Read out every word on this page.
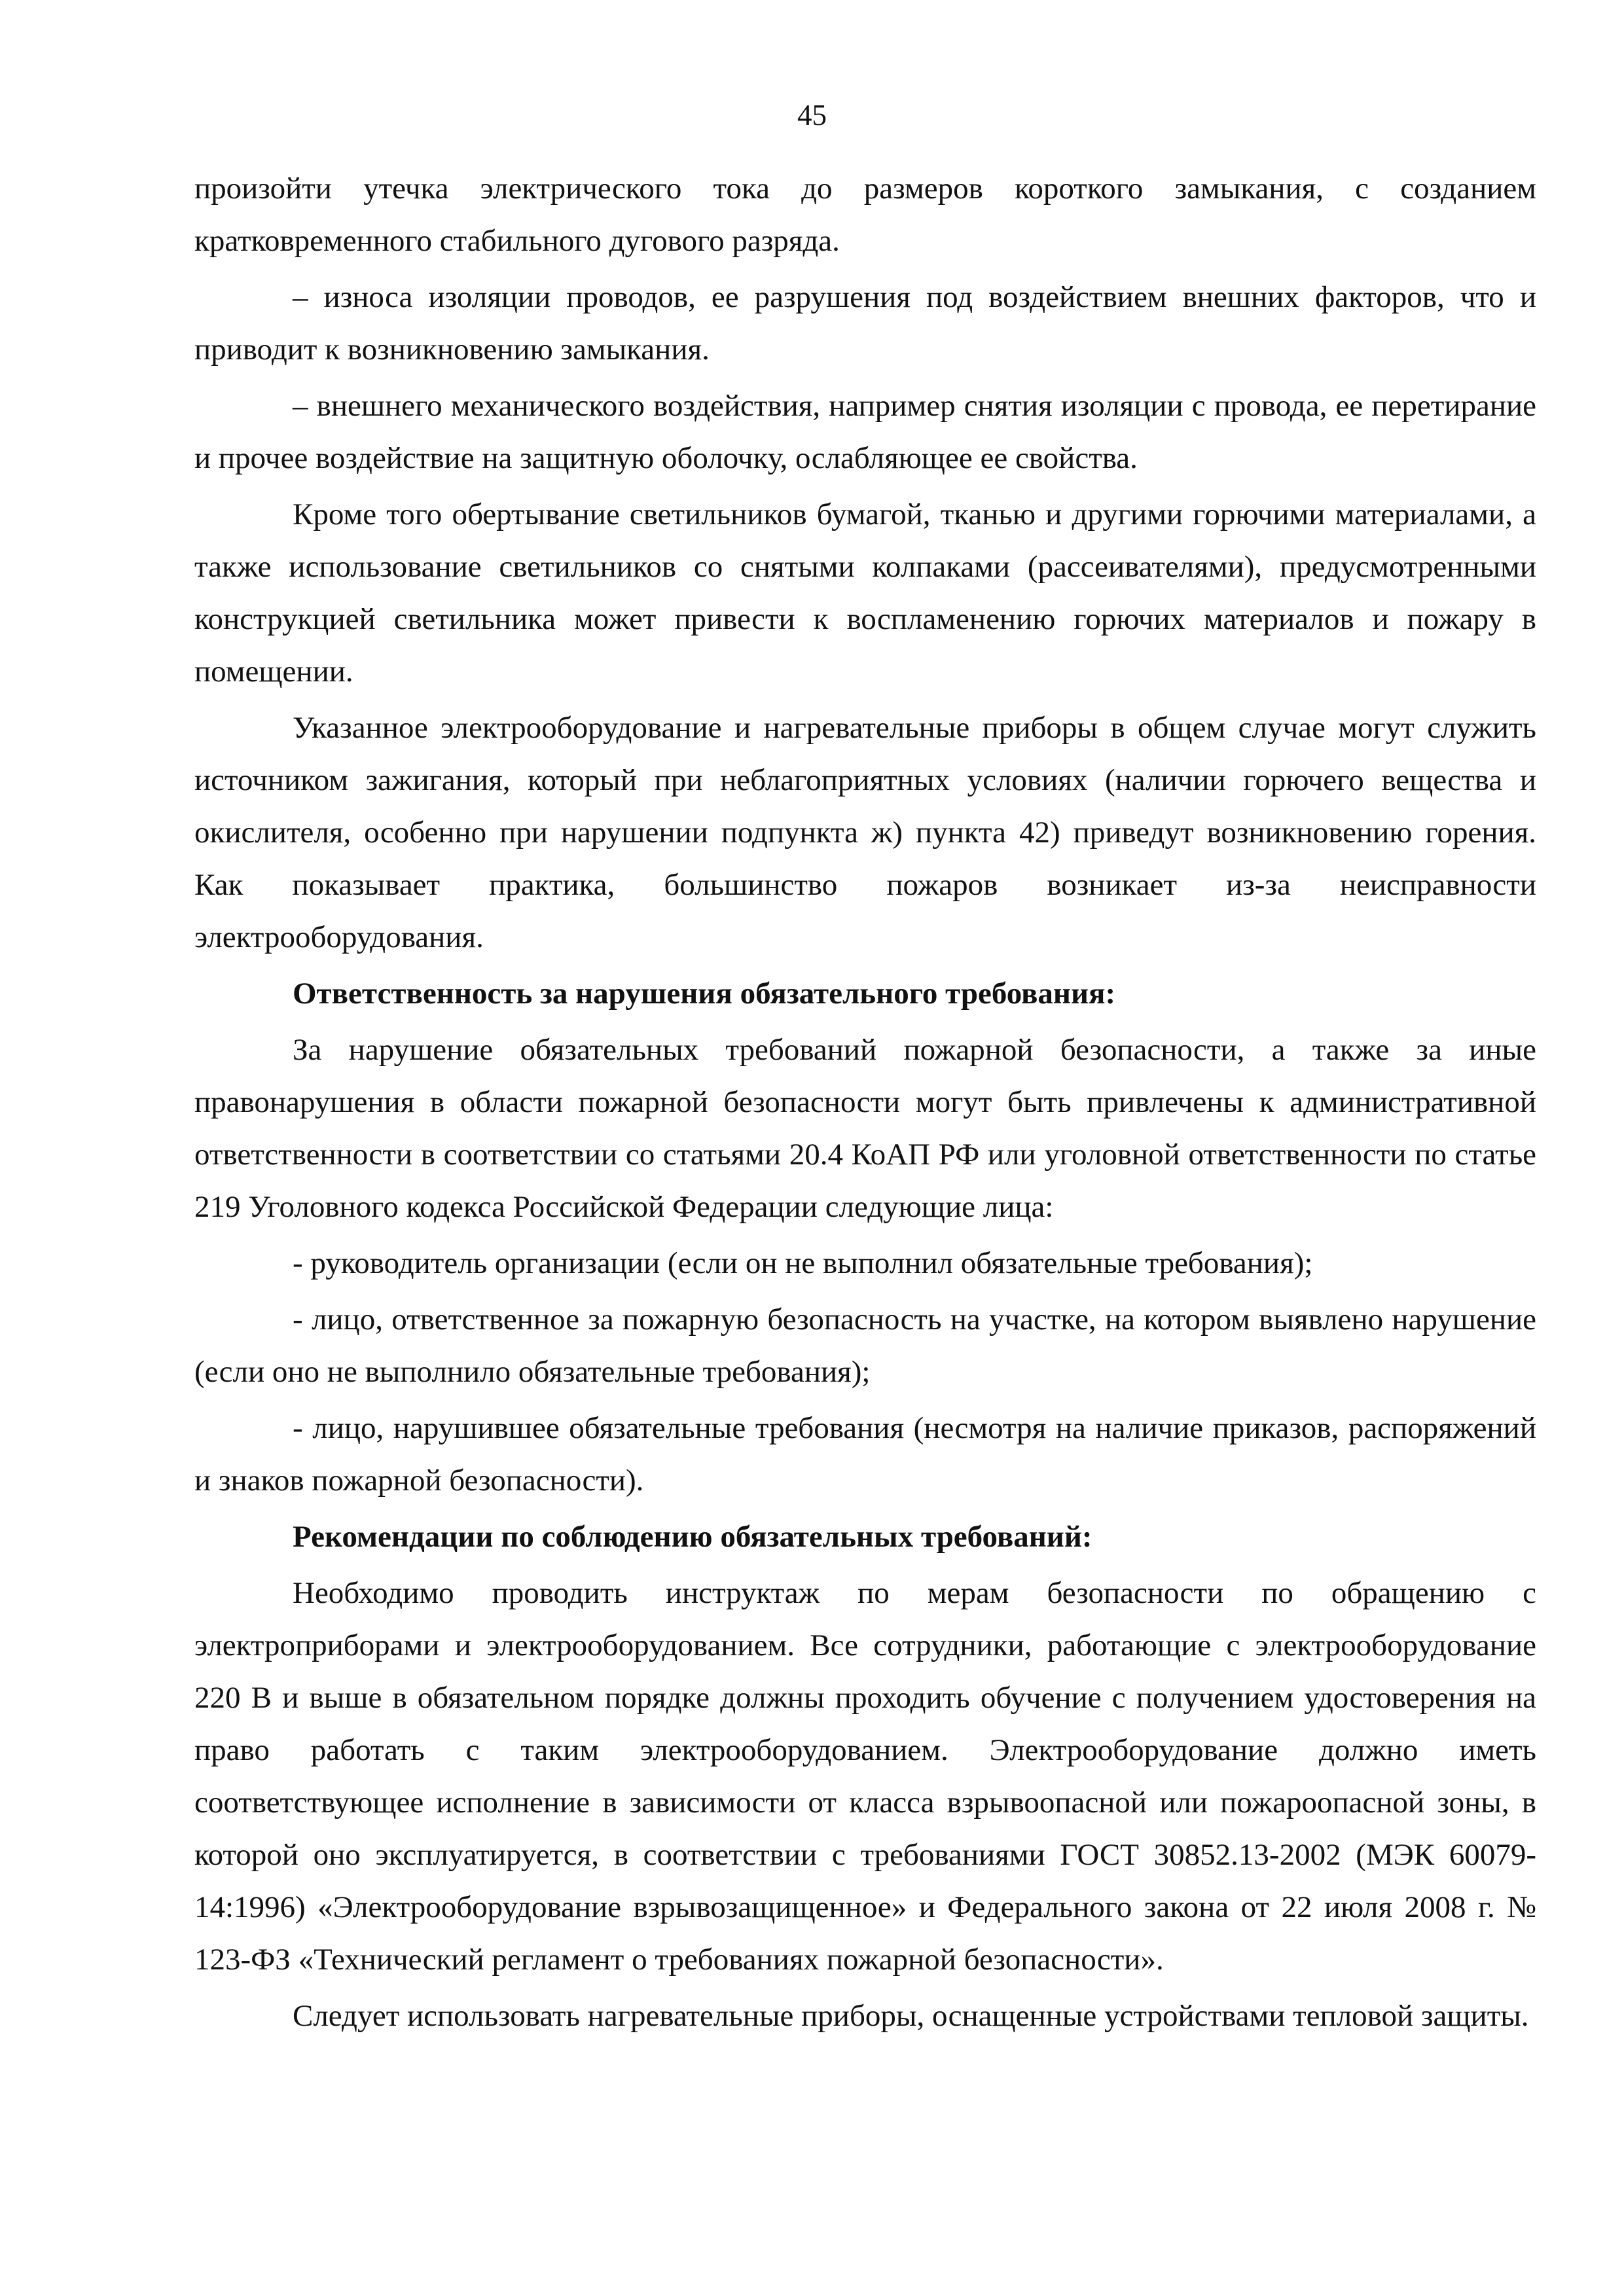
45

произойти утечка электрического тока до размеров короткого замыкания, с созданием кратковременного стабильного дугового разряда.

– износа изоляции проводов, ее разрушения под воздействием внешних факторов, что и приводит к возникновению замыкания.

– внешнего механического воздействия, например снятия изоляции с провода, ее перетирание и прочее воздействие на защитную оболочку, ослабляющее ее свойства.

Кроме того обертывание светильников бумагой, тканью и другими горючими материалами, а также использование светильников со снятыми колпаками (рассеивателями), предусмотренными конструкцией светильника может привести к воспламенению горючих материалов и пожару в помещении.

Указанное электрооборудование и нагревательные приборы в общем случае могут служить источником зажигания, который при неблагоприятных условиях (наличии горючего вещества и окислителя, особенно при нарушении подпункта ж) пункта 42) приведут возникновению горения. Как показывает практика, большинство пожаров возникает из-за неисправности электрооборудования.

Ответственность за нарушения обязательного требования:

За нарушение обязательных требований пожарной безопасности, а также за иные правонарушения в области пожарной безопасности могут быть привлечены к административной ответственности в соответствии со статьями 20.4 КоАП РФ или уголовной ответственности по статье 219 Уголовного кодекса Российской Федерации следующие лица:

- руководитель организации (если он не выполнил обязательные требования);

- лицо, ответственное за пожарную безопасность на участке, на котором выявлено нарушение (если оно не выполнило обязательные требования);

- лицо, нарушившее обязательные требования (несмотря на наличие приказов, распоряжений и знаков пожарной безопасности).

Рекомендации по соблюдению обязательных требований:

Необходимо проводить инструктаж по мерам безопасности по обращению с электроприборами и электрооборудованием. Все сотрудники, работающие с электрооборудование 220 В и выше в обязательном порядке должны проходить обучение с получением удостоверения на право работать с таким электрооборудованием. Электрооборудование должно иметь соответствующее исполнение в зависимости от класса взрывоопасной или пожароопасной зоны, в которой оно эксплуатируется, в соответствии с требованиями ГОСТ 30852.13-2002 (МЭК 60079-14:1996) «Электрооборудование взрывозащищенное» и Федерального закона от 22 июля 2008 г. № 123-ФЗ «Технический регламент о требованиях пожарной безопасности».

Следует использовать нагревательные приборы, оснащенные устройствами тепловой защиты.
